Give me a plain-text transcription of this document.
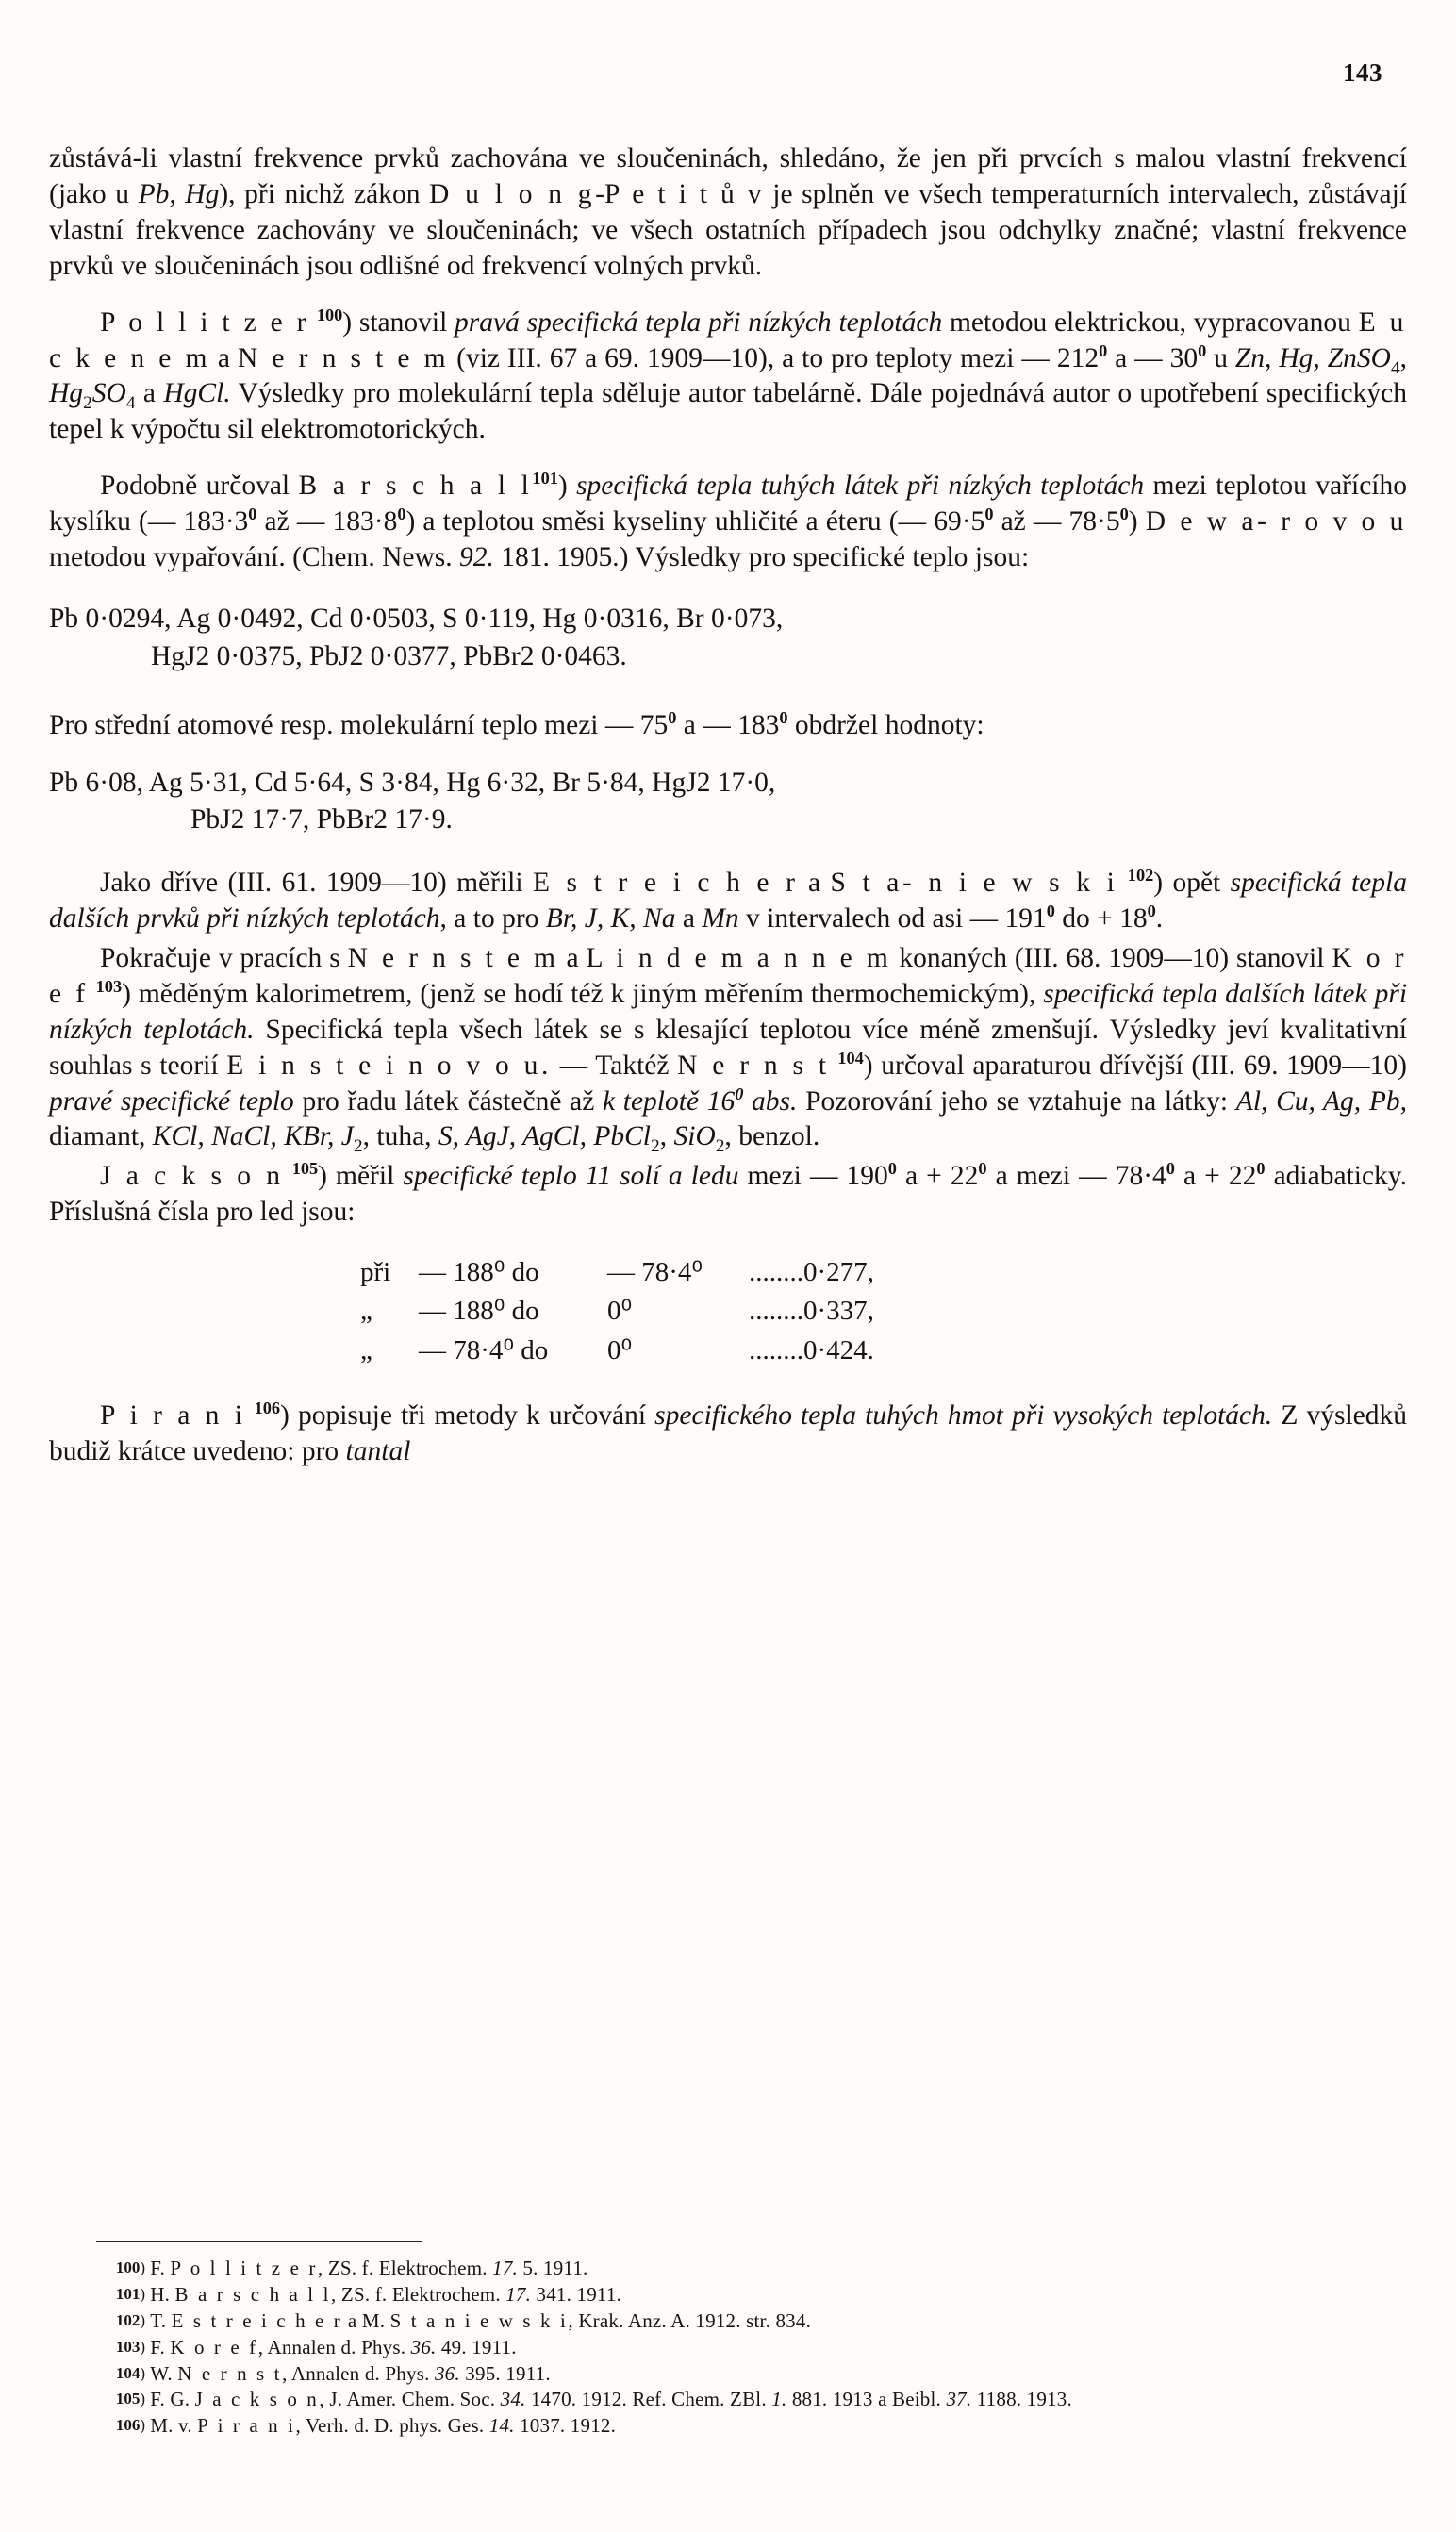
143

zůstává-li vlastní frekvence prvků zachována ve sloučeninách, shledáno, že jen při prvcích s malou vlastní frekvencí (jako u Pb, Hg), při nichž zákon D u l o n g-P e t i t ů v je splněn ve všech temperaturních intervalech, zůstávají vlastní frekvence zachovány ve sloučeninách; ve všech ostatních případech jsou odchylky značné; vlastní frekvence prvků ve sloučeninách jsou odlišné od frekvencí volných prvků.

P o l l i t z e r $^{100}$) stanovil pravá specifická tepla při nízkých teplotách metodou elektrickou, vypracovanou E u c k e n e m a N e r n s t e m (viz III. 67 a 69. 1909—10), a to pro teploty mezi — $212^0$ a — $30^0$ u Zn, Hg, ZnSO$_4$, $Hg_2SO_4$ a HgCl. Výsledky pro molekulární tepla sděluje autor tabelárně. Dále pojednává autor o upotřebení specifických tepel k výpočtu sil elektromotorických.

Podobně určoval B a r s c h a l $l^{101}$) specifická tepla tuhých látek při nízkých teplotách mezi teplotou vařícího kyslíku (— $183\cdot 3^0$ až — $183\cdot 8^0$) a teplotou směsi kyseliny uhličité a éteru (— $69\cdot 5^0$ až — $78\cdot 5^0$) D e w a- r o v o u metodou vypařování. (Chem. News. 92. 181. 1905.) Výsledky pro specifické teplo jsou:

Pb 0·0294, Ag 0·0492, Cd 0·0503, S 0·119, Hg 0·0316, Br 0·073,
HgJ2 0·0375, PbJ2 0·0377, PbBr2 0·0463.

Pro střední atomové resp. molekulární teplo mezi — $75^0$ a — $183^0$ obdržel hodnoty:

Pb 6·08, Ag 5·31, Cd 5·64, S 3·84, Hg 6·32, Br 5·84, HgJ2 17·0,
PbJ2 17·7, PbBr2 17·9.

Jako dříve (III. 61. 1909—10) měřili E s t r e i c h e r a S t a- n i e w s k i $^{102}$) opět specifická tepla dalších prvků při nízkých teplotách, a to pro Br, J, K, Na a Mn v intervalech od asi — $191^0$ do + $18^0$.

Pokračuje v pracích s N e r n s t e m a L i n d e m a n n e m konaných (III. 68. 1909—10) stanovil K o r e f $^{103}$) měděným kalorimetrem, (jenž se hodí též k jiným měřením thermochemickým), specifická tepla dalších látek při nízkých teplotách. Specifická tepla všech látek se s klesající teplotou více méně zmenšují. Výsledky jeví kvalitativní souhlas s teorií E i n s t e i n o v o u. — Taktéž N e r n s t $^{104}$) určoval aparaturou dřívější (III. 69. 1909—10) pravé specifické teplo pro řadu látek částečně až k teplotě $16^0$ abs. Pozorování jeho se vztahuje na látky: Al, Cu, Ag, Pb, diamant, KCl, NaCl, KBr, $J_2$, tuha, S, AgJ, AgCl, PbCl$_2$, SiO$_2$, benzol.

J a c k s o n $^{105}$) měřil specifické teplo 11 solí a ledu mezi — $190^0$ $a + 22^0$ a mezi — $78\cdot 4^0$ $a + 22^0$ adiabaticky. Příslušná čísla pro led jsou:

při — 188⁰ do — 78·4⁰ ........0·277,
„ — 188⁰ do 0⁰	........0·337,
„ — 78·4⁰ do 0⁰	........0·424.

P i r a n i $^{106}$) popisuje tři metody k určování specifického tepla tuhých hmot při vysokých teplotách. Z výsledků budiž krátce uvedeno: pro tantal

100) F. P o l l i t z e r, ZS. f. Elektrochem. 17. 5. 1911.
101) H. B a r s c h a l l, ZS. f. Elektrochem. 17. 341. 1911.
102) T. E s t r e i c h e r a M. S t a n i e w s k i, Krak. Anz. A. 1912. str. 834.
103) F. K o r e f, Annalen d. Phys. 36. 49. 1911.
104) W. N e r n s t, Annalen d. Phys. 36. 395. 1911.
105) F. G. J a c k s o n, J. Amer. Chem. Soc. 34. 1470. 1912. Ref. Chem. ZBl. 1. 881. 1913 a Beibl. 37. 1188. 1913.
106) M. v. P i r a n i, Verh. d. D. phys. Ges. 14. 1037. 1912.
